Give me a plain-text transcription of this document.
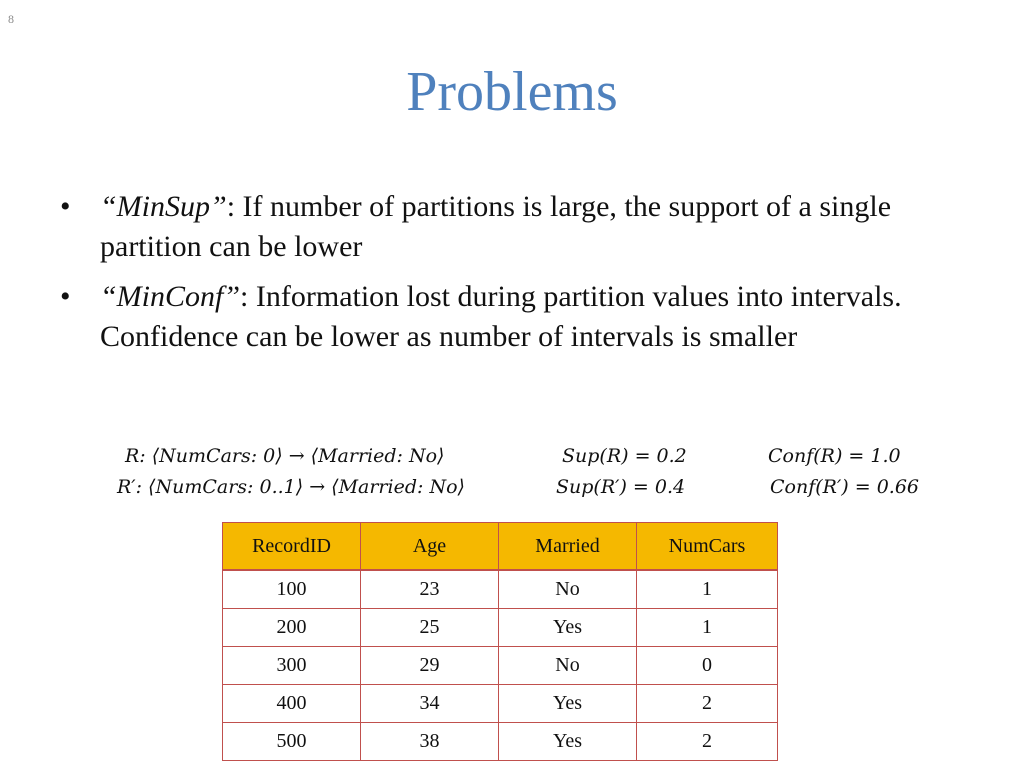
8
Problems
• “MinSup”: If number of partitions is large, the support of a single partition can be lower
• “MinConf”: Information lost during partition values into intervals. Confidence can be lower as number of intervals is smaller
R: ⟨NumCars: 0⟩ → ⟨Married: No⟩	Sup(R) = 0.2	Conf(R) = 1.0
R′: ⟨NumCars: 0..1⟩ → ⟨Married: No⟩	Sup(R′) = 0.4	Conf(R′) = 0.66
RecordID	Age	Married	NumCars
100	23	No	1
200	25	Yes	1
300	29	No	0
400	34	Yes	2
500	38	Yes	2
